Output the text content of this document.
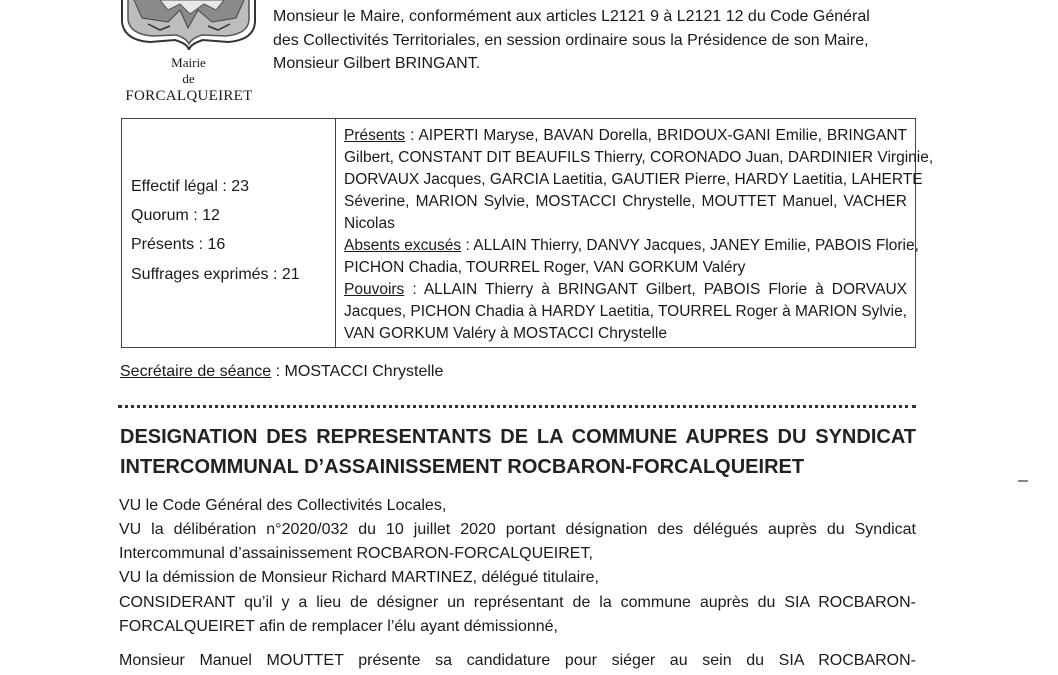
Mairie
de
FORCALQUEIRET
Monsieur le Maire, conformément aux articles L2121 9 à L2121 12 du Code Général
des Collectivités Territoriales, en session ordinaire sous la Présidence de son Maire,
Monsieur Gilbert BRINGANT.
Effectif légal : 23
Quorum : 12
Présents : 16
Suffrages exprimés : 21
Présents : AIPERTI Maryse, BAVAN Dorella, BRIDOUX-GANI Emilie, BRINGANT
Gilbert, CONSTANT DIT BEAUFILS Thierry, CORONADO Juan, DARDINIER Virginie,
DORVAUX Jacques, GARCIA Laetitia, GAUTIER Pierre, HARDY Laetitia, LAHERTE
Séverine, MARION Sylvie, MOSTACCI Chrystelle, MOUTTET Manuel, VACHER
Nicolas
Absents excusés : ALLAIN Thierry, DANVY Jacques, JANEY Emilie, PABOIS Florie,
PICHON Chadia, TOURREL Roger, VAN GORKUM Valéry
Pouvoirs : ALLAIN Thierry à BRINGANT Gilbert, PABOIS Florie à DORVAUX
Jacques, PICHON Chadia à HARDY Laetitia, TOURREL Roger à MARION Sylvie,
VAN GORKUM Valéry à MOSTACCI Chrystelle
Secrétaire de séance : MOSTACCI Chrystelle
DESIGNATION DES REPRESENTANTS DE LA COMMUNE AUPRES DU SYNDICAT
INTERCOMMUNAL D’ASSAINISSEMENT ROCBARON-FORCALQUEIRET
VU le Code Général des Collectivités Locales,
VU la délibération n°2020/032 du 10 juillet 2020 portant désignation des délégués auprès du Syndicat
Intercommunal d’assainissement ROCBARON-FORCALQUEIRET,
VU la démission de Monsieur Richard MARTINEZ, délégué titulaire,
CONSIDERANT qu’il y a lieu de désigner un représentant de la commune auprès du SIA ROCBARON-
FORCALQUEIRET afin de remplacer l’élu ayant démissionné,
Monsieur Manuel MOUTTET présente sa candidature pour siéger au sein du SIA ROCBARON-
